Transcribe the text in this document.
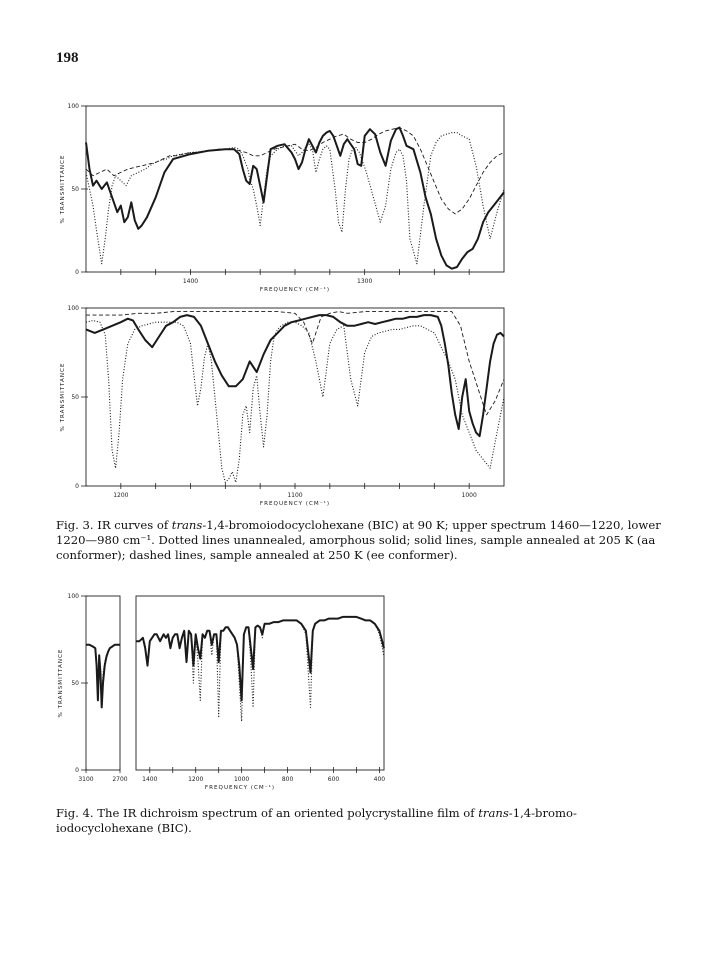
198
0
50
100
% TRANSMITTANCE
1400	1300
FREQUENCY (CM⁻¹)
0
50
100
% TRANSMITTANCE
1200	1100	1000
FREQUENCY (CM⁻¹)
0
50
100
% TRANSMITTANCE
3100	2700 1400	1200	1000	800	600	400
FREQUENCY (CM⁻¹)
Fig. 3. IR curves of trans-1,4-bromoiodocyclohexane (BIC) at 90 K; upper spectrum 1460—1220, lower 1220—980 cm⁻¹. Dotted lines unannealed, amorphous solid; solid lines, sample annealed at 205 K (aa conformer); dashed lines, sample annealed at 250 K (ee conformer).
Fig. 4. The IR dichroism spectrum of an oriented polycrystalline film of trans-1,4-bromoiodocyclohexane (BIC).
